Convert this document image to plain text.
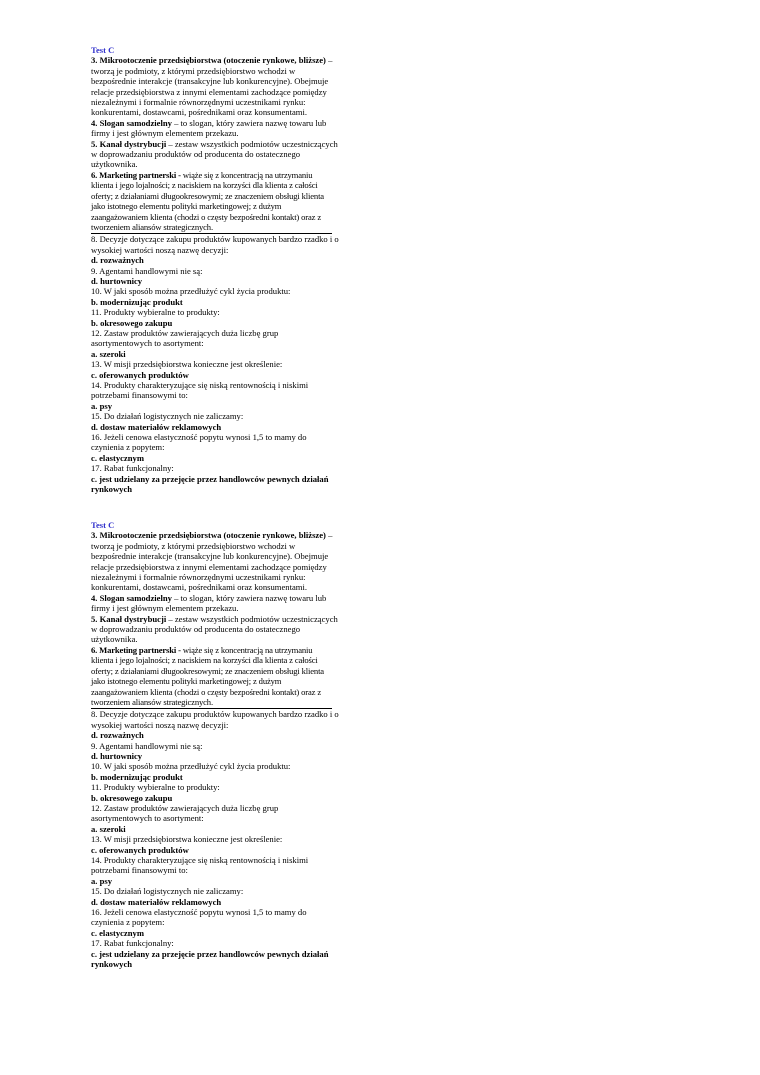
Test C

3. Mikrootoczenie przedsiębiorstwa (otoczenie rynkowe, bliższe) – tworzą je podmioty, z którymi przedsiębiorstwo wchodzi w bezpośrednie interakcje (transakcyjne lub konkurencyjne). Obejmuje relacje przedsiębiorstwa z innymi elementami zachodzące pomiędzy niezależnymi i formalnie równorzędnymi uczestnikami rynku: konkurentami, dostawcami, pośrednikami oraz konsumentami.

4. Slogan samodzielny – to slogan, który zawiera nazwę towaru lub firmy i jest głównym elementem przekazu.

5. Kanał dystrybucji – zestaw wszystkich podmiotów uczestniczących w doprowadzaniu produktów od producenta do ostatecznego użytkownika.

6. Marketing partnerski - wiąże się z koncentracją na utrzymaniu klienta i jego lojalności; z naciskiem na korzyści dla klienta z całości oferty; z działaniami długookresowymi; ze znaczeniem obsługi klienta jako istotnego elementu polityki marketingowej; z dużym zaangażowaniem klienta (chodzi o częsty bezpośredni kontakt) oraz z tworzeniem aliansów strategicznych.

8. Decyzje dotyczące zakupu produktów kupowanych bardzo rzadko i o wysokiej wartości noszą nazwę decyzji:

d. rozważnych

9. Agentami handlowymi nie są:

d. hurtownicy

10. W jaki sposób można przedłużyć cykl życia produktu:

b. modernizując produkt

11. Produkty wybieralne to produkty:

b. okresowego zakupu

12. Zastaw produktów zawierających duża liczbę grup asortymentowych to asortyment:

a. szeroki

13. W misji przedsiębiorstwa konieczne jest określenie:

c. oferowanych produktów

14. Produkty charakteryzujące się niską rentownością i niskimi potrzebami finansowymi to:

a. psy

15. Do działań logistycznych nie zaliczamy:

d. dostaw materiałów reklamowych

16. Jeżeli cenowa elastyczność popytu wynosi 1,5 to mamy do czynienia z popytem:

c. elastycznym

17. Rabat funkcjonalny:

c. jest udzielany za przejęcie przez handlowców pewnych działań rynkowych

Test C

3. Mikrootoczenie przedsiębiorstwa (otoczenie rynkowe, bliższe) – tworzą je podmioty, z którymi przedsiębiorstwo wchodzi w bezpośrednie interakcje (transakcyjne lub konkurencyjne). Obejmuje relacje przedsiębiorstwa z innymi elementami zachodzące pomiędzy niezależnymi i formalnie równorzędnymi uczestnikami rynku: konkurentami, dostawcami, pośrednikami oraz konsumentami.

4. Slogan samodzielny – to slogan, który zawiera nazwę towaru lub firmy i jest głównym elementem przekazu.

5. Kanał dystrybucji – zestaw wszystkich podmiotów uczestniczących w doprowadzaniu produktów od producenta do ostatecznego użytkownika.

6. Marketing partnerski - wiąże się z koncentracją na utrzymaniu klienta i jego lojalności; z naciskiem na korzyści dla klienta z całości oferty; z działaniami długookresowymi; ze znaczeniem obsługi klienta jako istotnego elementu polityki marketingowej; z dużym zaangażowaniem klienta (chodzi o częsty bezpośredni kontakt) oraz z tworzeniem aliansów strategicznych.

8. Decyzje dotyczące zakupu produktów kupowanych bardzo rzadko i o wysokiej wartości noszą nazwę decyzji:

d. rozważnych

9. Agentami handlowymi nie są:

d. hurtownicy

10. W jaki sposób można przedłużyć cykl życia produktu:

b. modernizując produkt

11. Produkty wybieralne to produkty:

b. okresowego zakupu

12. Zastaw produktów zawierających duża liczbę grup asortymentowych to asortyment:

a. szeroki

13. W misji przedsiębiorstwa konieczne jest określenie:

c. oferowanych produktów

14. Produkty charakteryzujące się niską rentownością i niskimi potrzebami finansowymi to:

a. psy

15. Do działań logistycznych nie zaliczamy:

d. dostaw materiałów reklamowych

16. Jeżeli cenowa elastyczność popytu wynosi 1,5 to mamy do czynienia z popytem:

c. elastycznym

17. Rabat funkcjonalny:

c. jest udzielany za przejęcie przez handlowców pewnych działań rynkowych
